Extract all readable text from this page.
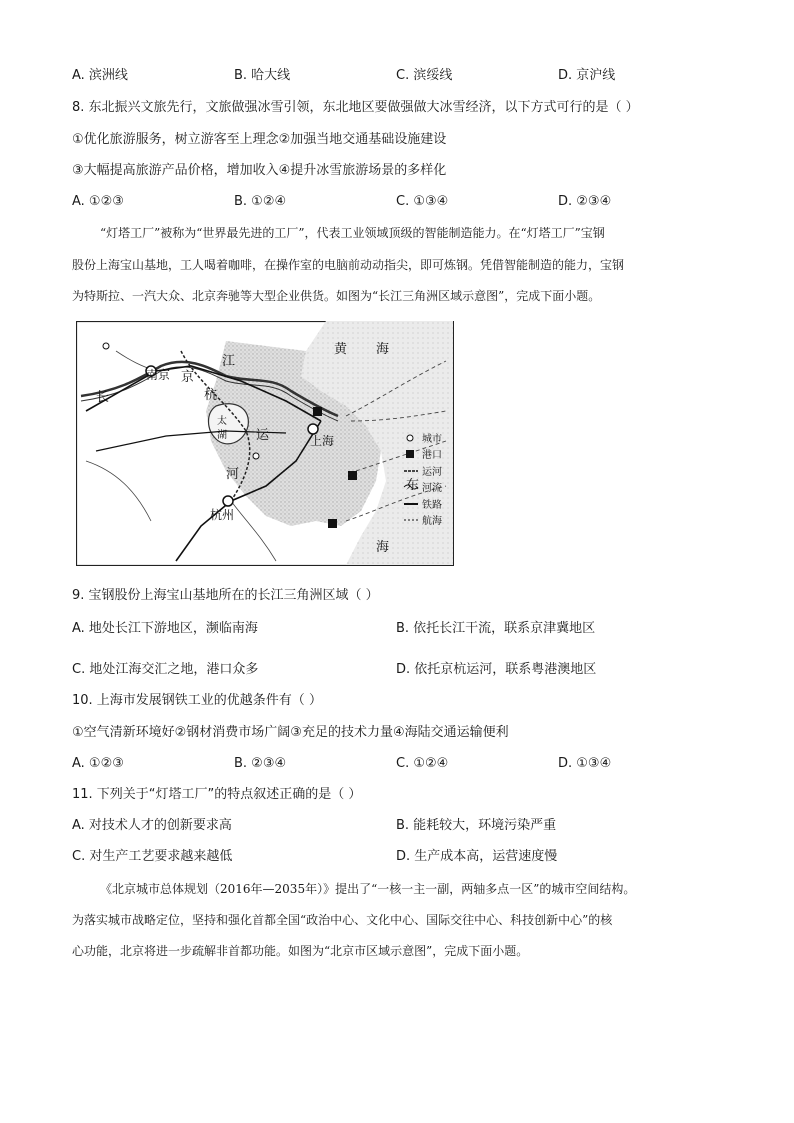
A. 滨洲线	B. 哈大线	C. 滨绥线	D. 京沪线
8. 东北振兴文旅先行，文旅做强冰雪引领，东北地区要做强做大冰雪经济，以下方式可行的是（ ）
①优化旅游服务，树立游客至上理念②加强当地交通基础设施建设
③大幅提高旅游产品价格，增加收入④提升冰雪旅游场景的多样化
A. ①②③	B. ①②④	C. ①③④	D. ②③④
“灯塔工厂”被称为“世界最先进的工厂”，代表工业领域顶级的智能制造能力。在“灯塔工厂”宝钢
股份上海宝山基地，工人喝着咖啡，在操作室的电脑前动动指尖，即可炼钢。凭借智能制造的能力，宝钢
为特斯拉、一汽大众、北京奔驰等大型企业供货。如图为“长江三角洲区域示意图”，完成下面小题。
黄 海
东
海
南京
长
江
京
杭
太
湖 运
河
上海
杭州
城市
港口
运河
河流
铁路
航海
9. 宝钢股份上海宝山基地所在的长江三角洲区域（ ）
A. 地处长江下游地区，濒临南海	B. 依托长江干流，联系京津冀地区
C. 地处江海交汇之地，港口众多	D. 依托京杭运河，联系粤港澳地区
10. 上海市发展钢铁工业的优越条件有（ ）
①空气清新环境好②钢材消费市场广阔③充足的技术力量④海陆交通运输便利
A. ①②③	B. ②③④	C. ①②④	D. ①③④
11. 下列关于“灯塔工厂”的特点叙述正确的是（ ）
A. 对技术人才的创新要求高	B. 能耗较大，环境污染严重
C. 对生产工艺要求越来越低	D. 生产成本高，运营速度慢
《北京城市总体规划（2016年—2035年）》提出了“一核一主一副，两轴多点一区”的城市空间结构。
为落实城市战略定位，坚持和强化首都全国“政治中心、文化中心、国际交往中心、科技创新中心”的核
心功能，北京将进一步疏解非首都功能。如图为“北京市区域示意图”，完成下面小题。
